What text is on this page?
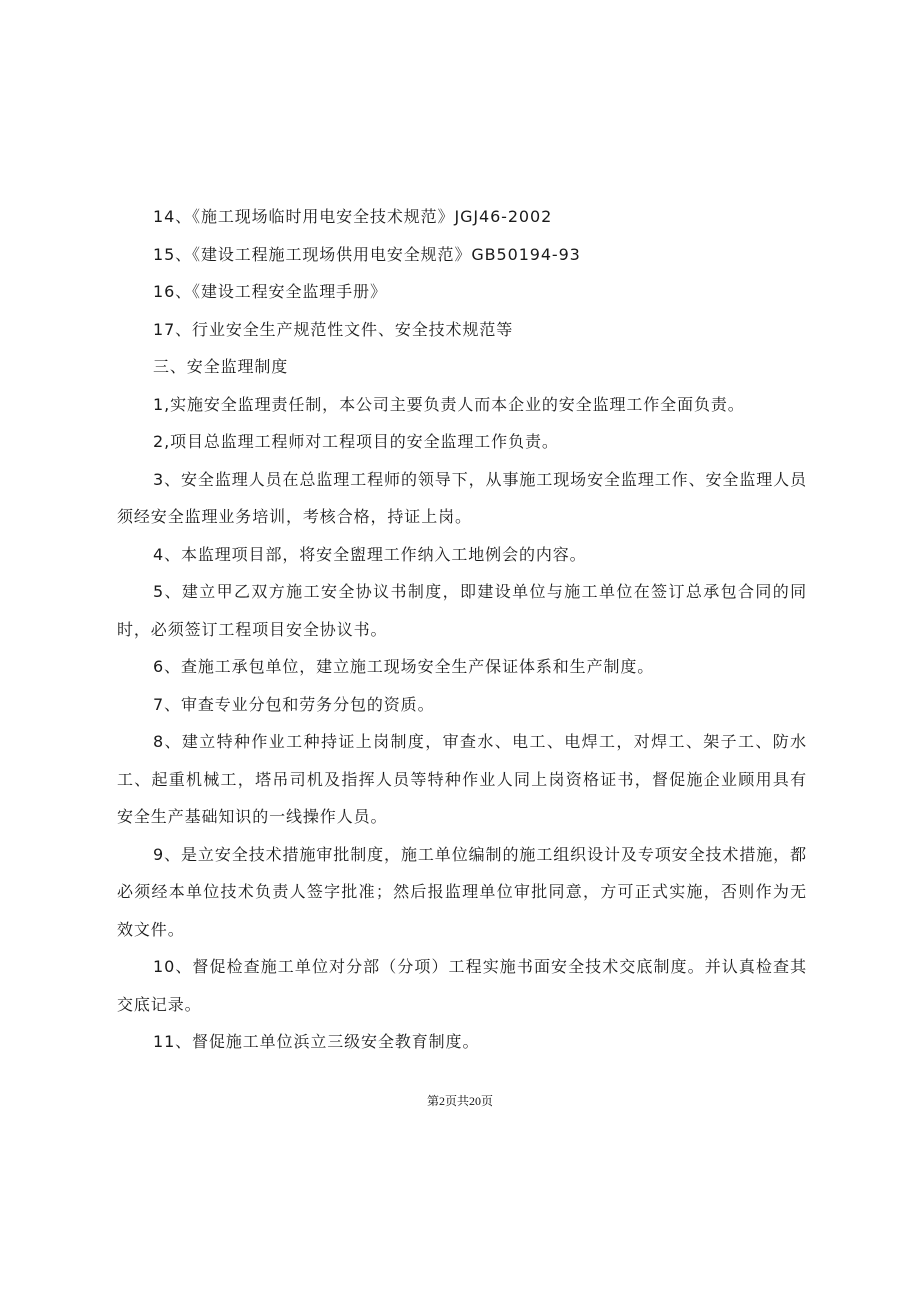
14、《施工现场临时用电安全技术规范》JGJ46-2002

15、《建设工程施工现场供用电安全规范》GB50194-93

16、《建设工程安全监理手册》

17、行业安全生产规范性文件、安全技术规范等

三、安全监理制度

1,实施安全监理责任制，本公司主要负责人而本企业的安全监理工作全面负责。

2,项目总监理工程师对工程项目的安全监理工作负责。

3、安全监理人员在总监理工程师的领导下，从事施工现场安全监理工作、安全监理人员须经安全监理业务培训，考核合格，持证上岗。

4、本监理项目部，将安全盥理工作纳入工地例会的内容。

5、建立甲乙双方施工安全协议书制度，即建设单位与施工单位在签订总承包合同的同时，必须签订工程项目安全协议书。

6、查施工承包单位，建立施工现场安全生产保证体系和生产制度。

7、审查专业分包和劳务分包的资质。

8、建立特种作业工种持证上岗制度，审查水、电工、电焊工，对焊工、架子工、防水工、起重机械工，塔吊司机及指挥人员等特种作业人同上岗资格证书，督促施企业顾用具有安全生产基础知识的一线操作人员。

9、是立安全技术措施审批制度，施工单位编制的施工组织设计及专项安全技术措施，都必须经本单位技术负责人签字批准；然后报监理单位审批同意，方可正式实施，否则作为无效文件。

10、督促检查施工单位对分部（分项）工程实施书面安全技术交底制度。并认真检查其交底记录。

11、督促施工单位浜立三级安全教育制度。

第2页共20页
